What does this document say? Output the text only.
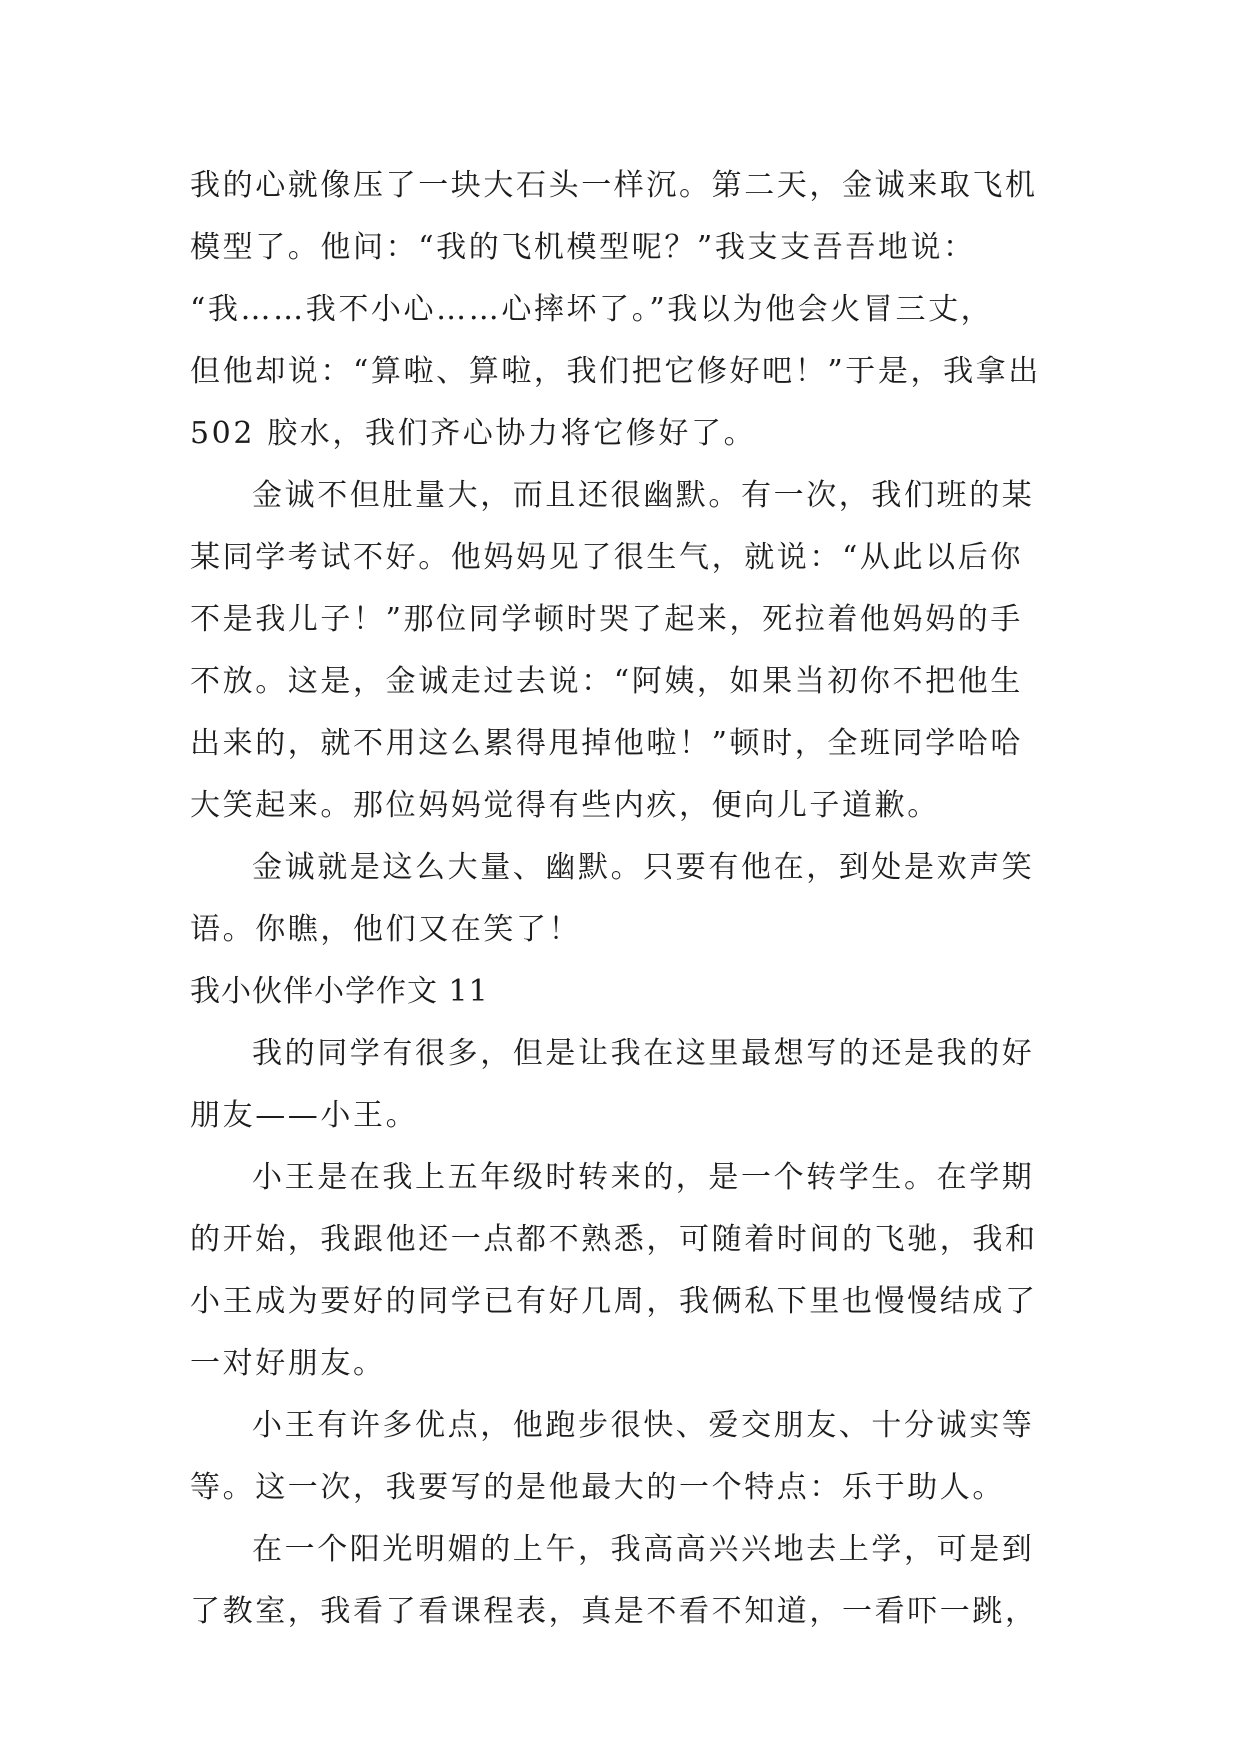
我的心就像压了一块大石头一样沉。第二天，金诚来取飞机
模型了。他问：“我的飞机模型呢？”我支支吾吾地说：
“我……我不小心……心摔坏了。”我以为他会火冒三丈，
但他却说：“算啦、算啦，我们把它修好吧！”于是，我拿出
502 胶水，我们齐心协力将它修好了。
金诚不但肚量大，而且还很幽默。有一次，我们班的某
某同学考试不好。他妈妈见了很生气，就说：“从此以后你
不是我儿子！”那位同学顿时哭了起来，死拉着他妈妈的手
不放。这是，金诚走过去说：“阿姨，如果当初你不把他生
出来的，就不用这么累得甩掉他啦！”顿时，全班同学哈哈
大笑起来。那位妈妈觉得有些内疚，便向儿子道歉。
金诚就是这么大量、幽默。只要有他在，到处是欢声笑
语。你瞧，他们又在笑了！
我小伙伴小学作文 11
我的同学有很多，但是让我在这里最想写的还是我的好
朋友——小王。
小王是在我上五年级时转来的，是一个转学生。在学期
的开始，我跟他还一点都不熟悉，可随着时间的飞驰，我和
小王成为要好的同学已有好几周，我俩私下里也慢慢结成了
一对好朋友。
小王有许多优点，他跑步很快、爱交朋友、十分诚实等
等。这一次，我要写的是他最大的一个特点：乐于助人。
在一个阳光明媚的上午，我高高兴兴地去上学，可是到
了教室，我看了看课程表，真是不看不知道，一看吓一跳，
